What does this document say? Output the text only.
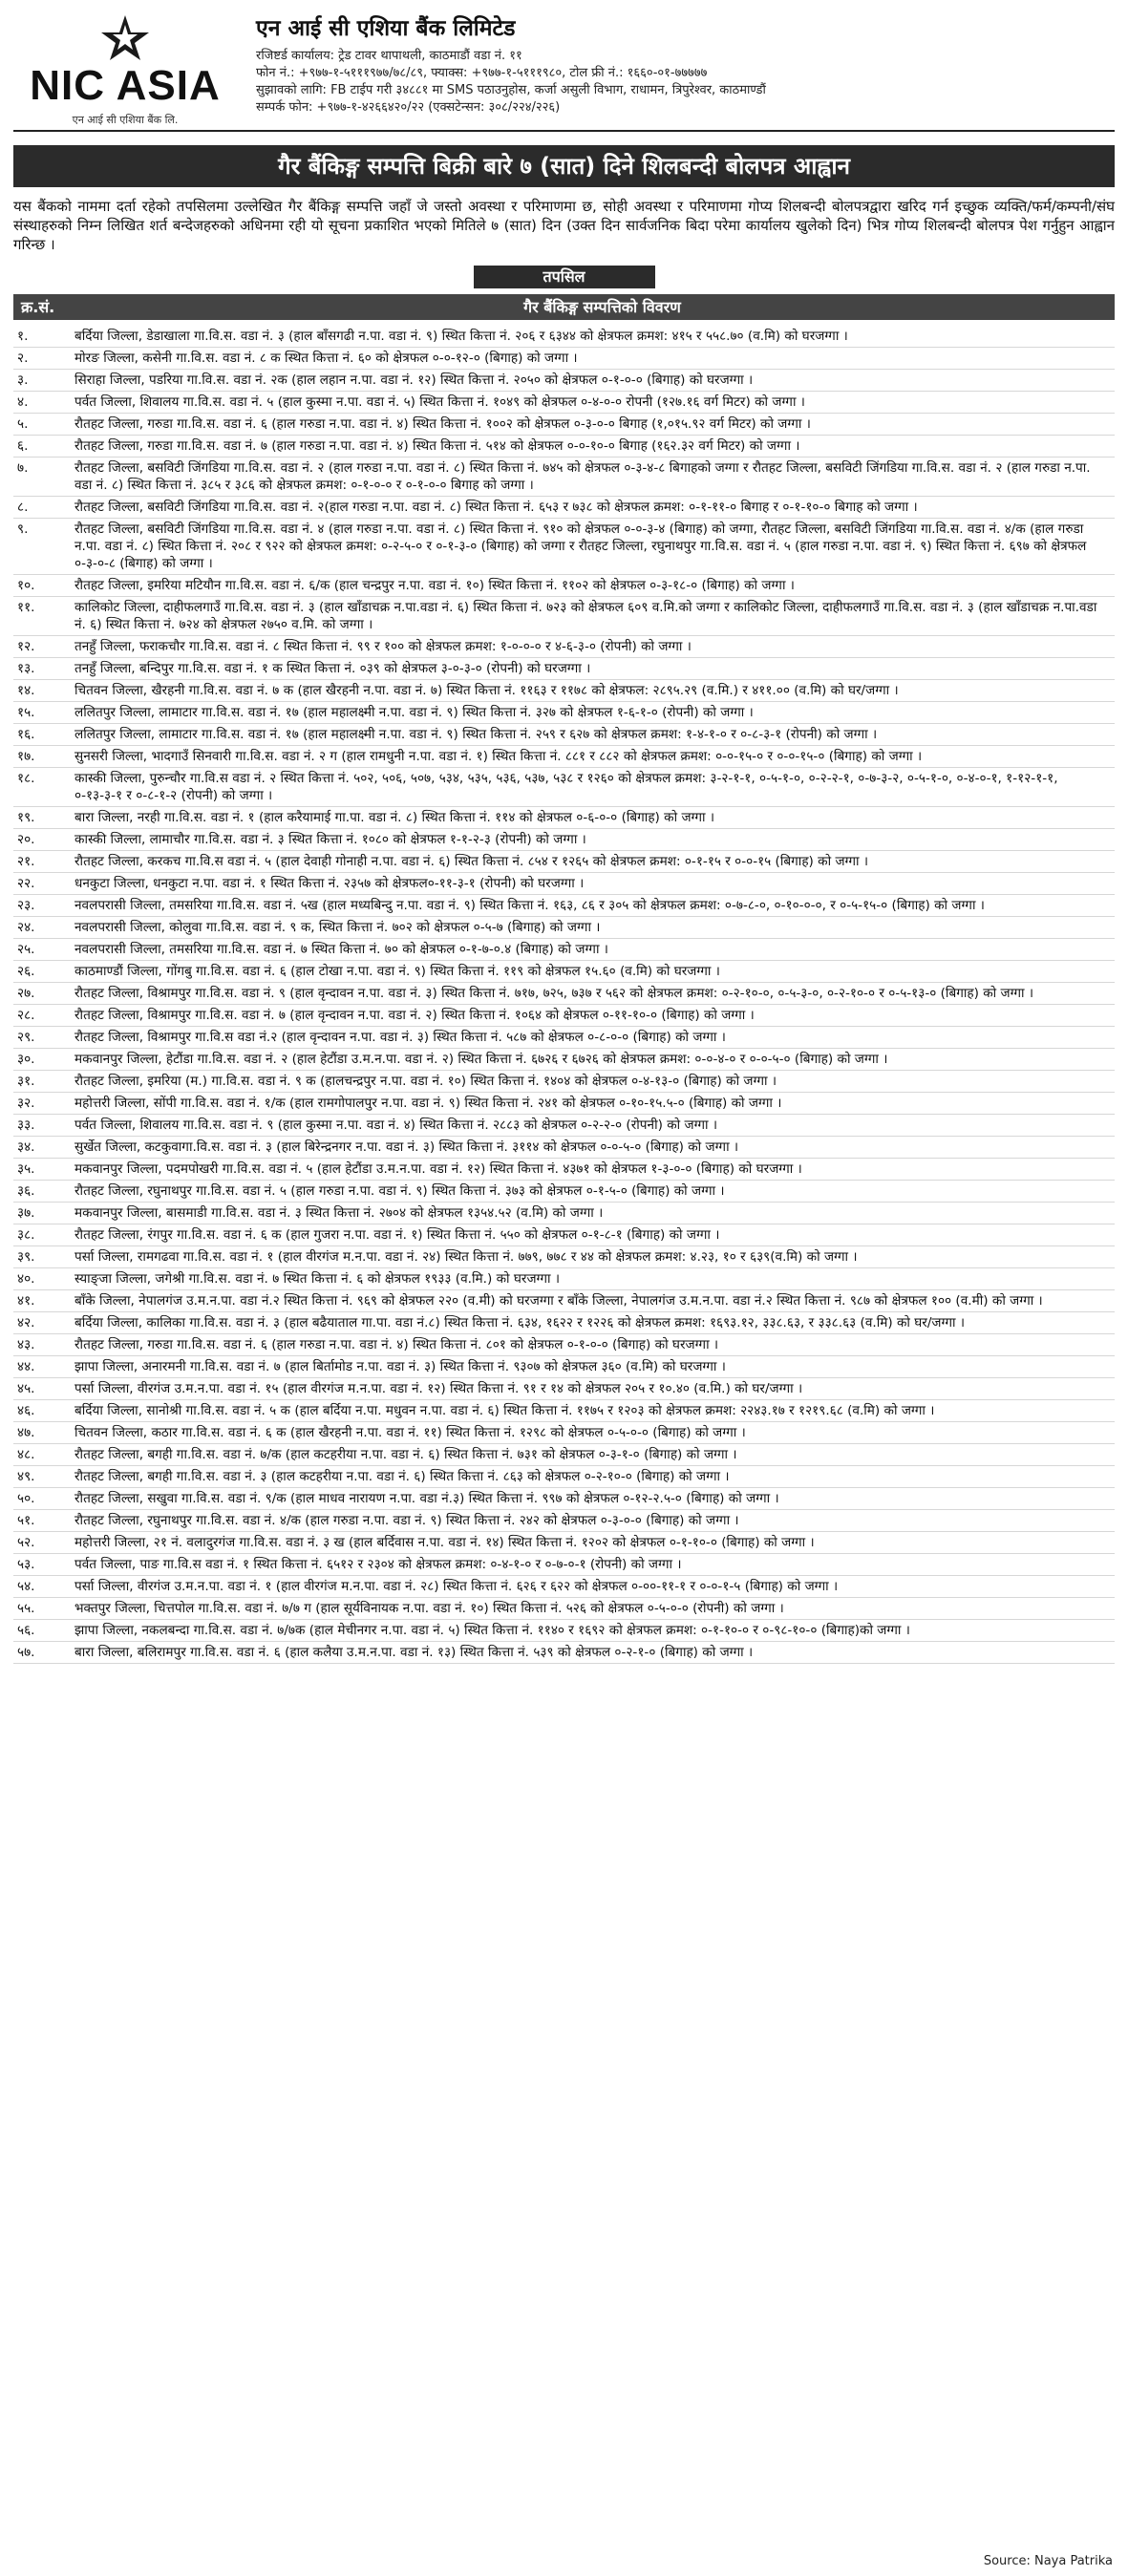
NIC ASIA
एन आई सी एशिया बैंक लि.
एन आई सी एशिया बैंक लिमिटेड
रजिष्टर्ड कार्यालय: ट्रेड टावर थापाथली, काठमाडौं वडा नं. ११
फोन नं.: +९७७-१-५१११९७७/७८/८९, फ्याक्स: +९७७-१-५१११९८०, टोल फ्री नं.: १६६०-०१-७७७७७
सुझावको लागि: FB टाईप गरी ३४८८१ मा SMS पठाउनुहोस, कर्जा असुली विभाग, राधामन, त्रिपुरेश्वर, काठमाण्डौं
सम्पर्क फोन: +९७७-१-४२६६४२०/२२ (एक्सटेन्सन: ३०८/२२४/२२६)
गैर बैंकिङ्ग सम्पत्ति बिक्री बारे ७ (सात) दिने शिलबन्दी बोलपत्र आह्वान
यस बैंकको नाममा दर्ता रहेको तपसिलमा उल्लेखित गैर बैंकिङ्ग सम्पत्ति जहाँ जे जस्तो अवस्था र परिमाणमा छ, सोही अवस्था र परिमाणमा गोप्य शिलबन्दी बोलपत्रद्वारा खरिद गर्न इच्छुक व्यक्ति/फर्म/कम्पनी/संघ संस्थाहरुको निम्न लिखित शर्त बन्देजहरुको अधिनमा रही यो सूचना प्रकाशित भएको मितिले ७ (सात) दिन (उक्त दिन सार्वजनिक बिदा परेमा कार्यालय खुलेको दिन) भित्र गोप्य शिलबन्दी बोलपत्र पेश गर्नुहुन आह्वान गरिन्छ ।
तपसिल
क्र.सं.	गैर बैंकिङ्ग सम्पत्तिको विवरण
१.	बर्दिया जिल्ला, डेडाखाला गा.वि.स. वडा नं. ३ (हाल बाँसगढी न.पा. वडा नं. ९) स्थित कित्ता नं. २०६ र ६३४४ को क्षेत्रफल क्रमश: ४१५ र ५५८.७० (व.मि) को घरजग्गा ।
२.	मोरङ जिल्ला, कसेनी गा.वि.स. वडा नं. ८ क स्थित कित्ता नं. ६० को क्षेत्रफल ०-०-१२-० (बिगाह) को जग्गा ।
३.	सिराहा जिल्ला, पडरिया गा.वि.स. वडा नं. २क (हाल लहान न.पा. वडा नं. १२) स्थित कित्ता नं. २०५० को क्षेत्रफल ०-१-०-० (बिगाह) को घरजग्गा ।
४.	पर्वत जिल्ला, शिवालय गा.वि.स. वडा नं. ५ (हाल कुस्मा न.पा. वडा नं. ५) स्थित कित्ता नं. १०४९ को क्षेत्रफल ०-४-०-० रोपनी (१२७.१६ वर्ग मिटर) को जग्गा ।
५.	रौतहट जिल्ला, गरुडा गा.वि.स. वडा नं. ६ (हाल गरुडा न.पा. वडा नं. ४) स्थित कित्ता नं. १००२ को क्षेत्रफल ०-३-०-० बिगाह (१,०१५.९२ वर्ग मिटर) को जग्गा ।
६.	रौतहट जिल्ला, गरुडा गा.वि.स. वडा नं. ७ (हाल गरुडा न.पा. वडा नं. ४) स्थित कित्ता नं. ५१४ को क्षेत्रफल ०-०-१०-० बिगाह (१६२.३२ वर्ग मिटर) को जग्गा ।
७.	रौतहट जिल्ला, बसविटी जिंगडिया गा.वि.स. वडा नं. २ (हाल गरुडा न.पा. वडा नं. ८) स्थित कित्ता नं. ७४५ को क्षेत्रफल ०-३-४-८ बिगाहको जग्गा र रौतहट जिल्ला, बसविटी जिंगडिया गा.वि.स. वडा नं. २ (हाल गरुडा न.पा. वडा नं. ८) स्थित कित्ता नं. ३८५ र ३८६ को क्षेत्रफल क्रमश: ०-१-०-० र ०-१-०-० बिगाह को जग्गा ।
८.	रौतहट जिल्ला, बसविटी जिंगडिया गा.वि.स. वडा नं. २(हाल गरुडा न.पा. वडा नं. ८) स्थित कित्ता नं. ६५३ र ७३८ को क्षेत्रफल क्रमश: ०-१-११-० बिगाह र ०-१-१०-० बिगाह को जग्गा ।
९.	रौतहट जिल्ला, बसविटी जिंगडिया गा.वि.स. वडा नं. ४ (हाल गरुडा न.पा. वडा नं. ८) स्थित कित्ता नं. ९१० को क्षेत्रफल ०-०-३-४ (बिगाह) को जग्गा, रौतहट जिल्ला, बसविटी जिंगडिया गा.वि.स. वडा नं. ४/क (हाल गरुडा न.पा. वडा नं. ८) स्थित कित्ता नं. २०८ र ९२२ को क्षेत्रफल क्रमश: ०-२-५-० र ०-१-३-० (बिगाह) को जग्गा र रौतहट जिल्ला, रघुनाथपुर गा.वि.स. वडा नं. ५ (हाल गरुडा न.पा. वडा नं. ९) स्थित कित्ता नं. ६९७ को क्षेत्रफल ०-३-०-८ (बिगाह) को जग्गा ।
१०.	रौतहट जिल्ला, इमरिया मटियौन गा.वि.स. वडा नं. ६/क (हाल चन्द्रपुर न.पा. वडा नं. १०) स्थित कित्ता नं. ११०२ को क्षेत्रफल ०-३-१८-० (बिगाह) को जग्गा ।
११.	कालिकोट जिल्ला, दाहीफलगाउँ गा.वि.स. वडा नं. ३ (हाल खाँडाचक्र न.पा.वडा नं. ६) स्थित कित्ता नं. ७२३ को क्षेत्रफल ६०९ व.मि.को जग्गा र कालिकोट जिल्ला, दाहीफलगाउँ गा.वि.स. वडा नं. ३ (हाल खाँडाचक्र न.पा.वडा नं. ६) स्थित कित्ता नं. ७२४ को क्षेत्रफल २७५० व.मि. को जग्गा ।
१२.	तनहुँ जिल्ला, फराकचौर गा.वि.स. वडा नं. ८ स्थित कित्ता नं. ९९ र १०० को क्षेत्रफल क्रमश: १-०-०-० र ४-६-३-० (रोपनी) को जग्गा ।
१३.	तनहुँ जिल्ला, बन्दिपुर गा.वि.स. वडा नं. १ क स्थित कित्ता नं. ०३९ को क्षेत्रफल ३-०-३-० (रोपनी) को घरजग्गा ।
१४.	चितवन जिल्ला, खैरहनी गा.वि.स. वडा नं. ७ क (हाल खैरहनी न.पा. वडा नं. ७) स्थित कित्ता नं. ११६३ र ११७८ को क्षेत्रफल: २८९५.२९ (व.मि.) र ४११.०० (व.मि) को घर/जग्गा ।
१५.	ललितपुर जिल्ला, लामाटार गा.वि.स. वडा नं. १७ (हाल महालक्ष्मी न.पा. वडा नं. ९) स्थित कित्ता नं. ३२७ को क्षेत्रफल १-६-१-० (रोपनी) को जग्गा ।
१६.	ललितपुर जिल्ला, लामाटार गा.वि.स. वडा नं. १७ (हाल महालक्ष्मी न.पा. वडा नं. ९) स्थित कित्ता नं. २५९ र ६२७ को क्षेत्रफल क्रमश: १-४-१-० र ०-८-३-१ (रोपनी) को जग्गा ।
१७.	सुनसरी जिल्ला, भादगाउँ सिनवारी गा.वि.स. वडा नं. २ ग (हाल रामधुनी न.पा. वडा नं. १) स्थित कित्ता नं. ८८१ र ८८२ को क्षेत्रफल क्रमश: ०-०-१५-० र ०-०-१५-० (बिगाह) को जग्गा ।
१८.	कास्की जिल्ला, पुरुन्चौर गा.वि.स वडा नं. २ स्थित कित्ता नं. ५०२, ५०६, ५०७, ५३४, ५३५, ५३६, ५३७, ५३८ र १२६० को क्षेत्रफल क्रमश: ३-२-१-१, ०-५-१-०, ०-२-२-१, ०-७-३-२, ०-५-१-०, ०-४-०-१, १-१२-१-१, ०-१३-३-१ र ०-८-१-२ (रोपनी) को जग्गा ।
१९.	बारा जिल्ला, नरही गा.वि.स. वडा नं. १ (हाल करैयामाई गा.पा. वडा नं. ८) स्थित कित्ता नं. ११४ को क्षेत्रफल ०-६-०-० (बिगाह) को जग्गा ।
२०.	कास्की जिल्ला, लामाचौर गा.वि.स. वडा नं. ३ स्थित कित्ता नं. १०८० को क्षेत्रफल १-१-२-३ (रोपनी) को जग्गा ।
२१.	रौतहट जिल्ला, करकच गा.वि.स वडा नं. ५ (हाल देवाही गोनाही न.पा. वडा नं. ६) स्थित कित्ता नं. ८५४ र १२६५ को क्षेत्रफल क्रमश: ०-१-१५ र ०-०-१५ (बिगाह) को जग्गा ।
२२.	धनकुटा जिल्ला, धनकुटा न.पा. वडा नं. १ स्थित कित्ता नं. २३५७ को क्षेत्रफल०-११-३-१ (रोपनी) को घरजग्गा ।
२३.	नवलपरासी जिल्ला, तमसरिया गा.वि.स. वडा नं. ५ख (हाल मध्यबिन्दु न.पा. वडा नं. ९) स्थित कित्ता नं. १६३, ८६ र ३०५ को क्षेत्रफल क्रमश: ०-७-८-०, ०-१०-०-०, र ०-५-१५-० (बिगाह) को जग्गा ।
२४.	नवलपरासी जिल्ला, कोलुवा गा.वि.स. वडा नं. ९ क, स्थित कित्ता नं. ७०२ को क्षेत्रफल ०-५-७ (बिगाह) को जग्गा ।
२५.	नवलपरासी जिल्ला, तमसरिया गा.वि.स. वडा नं. ७ स्थित कित्ता नं. ७० को क्षेत्रफल ०-१-७-०.४ (बिगाह) को जग्गा ।
२६.	काठमाण्डौं जिल्ला, गोंगबु गा.वि.स. वडा नं. ६ (हाल टोखा न.पा. वडा नं. ९) स्थित कित्ता नं. ११९ को क्षेत्रफल १५.६० (व.मि) को घरजग्गा ।
२७.	रौतहट जिल्ला, विश्रामपुर गा.वि.स. वडा नं. ९ (हाल वृन्दावन न.पा. वडा नं. ३) स्थित कित्ता नं. ७१७, ७२५, ७३७ र ५६२ को क्षेत्रफल क्रमश: ०-२-१०-०, ०-५-३-०, ०-२-१०-० र ०-५-१३-० (बिगाह) को जग्गा ।
२८.	रौतहट जिल्ला, विश्रामपुर गा.वि.स. वडा नं. ७ (हाल वृन्दावन न.पा. वडा नं. २) स्थित कित्ता नं. १०६४ को क्षेत्रफल ०-११-१०-० (बिगाह) को जग्गा ।
२९.	रौतहट जिल्ला, विश्रामपुर गा.वि.स वडा नं.२ (हाल वृन्दावन न.पा. वडा नं. ३) स्थित कित्ता नं. ५८७ को क्षेत्रफल ०-८-०-० (बिगाह) को जग्गा ।
३०.	मकवानपुर जिल्ला, हेटौंडा गा.वि.स. वडा नं. २ (हाल हेटौंडा उ.म.न.पा. वडा नं. २) स्थित कित्ता नं. ६७२६ र ६७२६ को क्षेत्रफल क्रमश: ०-०-४-० र ०-०-५-० (बिगाह) को जग्गा ।
३१.	रौतहट जिल्ला, इमरिया (म.) गा.वि.स. वडा नं. ९ क (हालचन्द्रपुर न.पा. वडा नं. १०) स्थित कित्ता नं. १४०४ को क्षेत्रफल ०-४-१३-० (बिगाह) को जग्गा ।
३२.	महोत्तरी जिल्ला, सोंपी गा.वि.स. वडा नं. १/क (हाल रामगोपालपुर न.पा. वडा नं. ९) स्थित कित्ता नं. २४१ को क्षेत्रफल ०-१०-१५.५-० (बिगाह) को जग्गा ।
३३.	पर्वत जिल्ला, शिवालय गा.वि.स. वडा नं. ९ (हाल कुस्मा न.पा. वडा नं. ४) स्थित कित्ता नं. २८८३ को क्षेत्रफल ०-२-२-० (रोपनी) को जग्गा ।
३४.	सुर्खेत जिल्ला, कटकुवागा.वि.स. वडा नं. ३ (हाल बिरेन्द्रनगर न.पा. वडा नं. ३) स्थित कित्ता नं. ३११४ को क्षेत्रफल ०-०-५-० (बिगाह) को जग्गा ।
३५.	मकवानपुर जिल्ला, पदमपोखरी गा.वि.स. वडा नं. ५ (हाल हेटौंडा उ.म.न.पा. वडा नं. १२) स्थित कित्ता नं. ४३७१ को क्षेत्रफल १-३-०-० (बिगाह) को घरजग्गा ।
३६.	रौतहट जिल्ला, रघुनाथपुर गा.वि.स. वडा नं. ५ (हाल गरुडा न.पा. वडा नं. ९) स्थित कित्ता नं. ३७३ को क्षेत्रफल ०-१-५-० (बिगाह) को जग्गा ।
३७.	मकवानपुर जिल्ला, बासमाडी गा.वि.स. वडा नं. ३ स्थित कित्ता नं. २७०४ को क्षेत्रफल १३५४.५२ (व.मि) को जग्गा ।
३८.	रौतहट जिल्ला, रंगपुर गा.वि.स. वडा नं. ६ क (हाल गुजरा न.पा. वडा नं. १) स्थित कित्ता नं. ५५० को क्षेत्रफल ०-१-८-१ (बिगाह) को जग्गा ।
३९.	पर्सा जिल्ला, रामगढवा गा.वि.स. वडा नं. १ (हाल वीरगंज म.न.पा. वडा नं. २४) स्थित कित्ता नं. ७७९, ७७८ र ४४ को क्षेत्रफल क्रमश: ४.२३, १० र ६३९(व.मि) को जग्गा ।
४०.	स्याङ्जा जिल्ला, जगेश्री गा.वि.स. वडा नं. ७ स्थित कित्ता नं. ६ को क्षेत्रफल १९३३ (व.मि.) को घरजग्गा ।
४१.	बाँके जिल्ला, नेपालगंज उ.म.न.पा. वडा नं.२ स्थित कित्ता नं. ९६९ को क्षेत्रफल २२० (व.मी) को घरजग्गा र बाँके जिल्ला, नेपालगंज उ.म.न.पा. वडा नं.२ स्थित कित्ता नं. ९८७ को क्षेत्रफल १०० (व.मी) को जग्गा ।
४२.	बर्दिया जिल्ला, कालिका गा.वि.स. वडा नं. ३ (हाल बढैयाताल गा.पा. वडा नं.८) स्थित कित्ता नं. ६३४, १६२२ र १२२६ को क्षेत्रफल क्रमश: १६९३.१२, ३३८.६३, र ३३८.६३ (व.मि) को घर/जग्गा ।
४३.	रौतहट जिल्ला, गरुडा गा.वि.स. वडा नं. ६ (हाल गरुडा न.पा. वडा नं. ४) स्थित कित्ता नं. ८०१ को क्षेत्रफल ०-१-०-० (बिगाह) को घरजग्गा ।
४४.	झापा जिल्ला, अनारमनी गा.वि.स. वडा नं. ७ (हाल बिर्तामोड न.पा. वडा नं. ३) स्थित कित्ता नं. ९३०७ को क्षेत्रफल ३६० (व.मि) को घरजग्गा ।
४५.	पर्सा जिल्ला, वीरगंज उ.म.न.पा. वडा नं. १५ (हाल वीरगंज म.न.पा. वडा नं. १२) स्थित कित्ता नं. ९१ र १४ को क्षेत्रफल २०५ र १०.४० (व.मि.) को घर/जग्गा ।
४६.	बर्दिया जिल्ला, सानोश्री गा.वि.स. वडा नं. ५ क (हाल बर्दिया न.पा. मधुवन न.पा. वडा नं. ६) स्थित कित्ता नं. ११७५ र १२०३ को क्षेत्रफल क्रमश: २२४३.१७ र १२१९.६८ (व.मि) को जग्गा ।
४७.	चितवन जिल्ला, कठार गा.वि.स. वडा नं. ६ क (हाल खैरहनी न.पा. वडा नं. ११) स्थित कित्ता नं. १२९८ को क्षेत्रफल ०-५-०-० (बिगाह) को जग्गा ।
४८.	रौतहट जिल्ला, बगही गा.वि.स. वडा नं. ७/क (हाल कटहरीया न.पा. वडा नं. ६) स्थित कित्ता नं. ७३१ को क्षेत्रफल ०-३-१-० (बिगाह) को जग्गा ।
४९.	रौतहट जिल्ला, बगही गा.वि.स. वडा नं. ३ (हाल कटहरीया न.पा. वडा नं. ६) स्थित कित्ता नं. ८६३ को क्षेत्रफल ०-२-१०-० (बिगाह) को जग्गा ।
५०.	रौतहट जिल्ला, सखुवा गा.वि.स. वडा नं. ९/क (हाल माधव नारायण न.पा. वडा नं.३) स्थित कित्ता नं. ९९७ को क्षेत्रफल ०-१२-२.५-० (बिगाह) को जग्गा ।
५१.	रौतहट जिल्ला, रघुनाथपुर गा.वि.स. वडा नं. ४/क (हाल गरुडा न.पा. वडा नं. ९) स्थित कित्ता नं. २४२ को क्षेत्रफल ०-३-०-० (बिगाह) को जग्गा ।
५२.	महोत्तरी जिल्ला, २१ नं. वलादुरगंज गा.वि.स. वडा नं. ३ ख (हाल बर्दिवास न.पा. वडा नं. १४) स्थित कित्ता नं. १२०२ को क्षेत्रफल ०-१-१०-० (बिगाह) को जग्गा ।
५३.	पर्वत जिल्ला, पाङ गा.वि.स वडा नं. १ स्थित कित्ता नं. ६५१२ र २३०४ को क्षेत्रफल क्रमश: ०-४-१-० र ०-७-०-१ (रोपनी) को जग्गा ।
५४.	पर्सा जिल्ला, वीरगंज उ.म.न.पा. वडा नं. १ (हाल वीरगंज म.न.पा. वडा नं. २८) स्थित कित्ता नं. ६२६ र ६२२ को क्षेत्रफल ०-००-११-१ र ०-०-१-५ (बिगाह) को जग्गा ।
५५.	भक्तपुर जिल्ला, चित्तपोल गा.वि.स. वडा नं. ७/७ ग (हाल सूर्यविनायक न.पा. वडा नं. १०) स्थित कित्ता नं. ५२६ को क्षेत्रफल ०-५-०-० (रोपनी) को जग्गा ।
५६.	झापा जिल्ला, नकलबन्दा गा.वि.स. वडा नं. ७/७क (हाल मेचीनगर न.पा. वडा नं. ५) स्थित कित्ता नं. ११४० र १६९२ को क्षेत्रफल क्रमश: ०-१-१०-० र ०-९८-१०-० (बिगाह)को जग्गा ।
५७.	बारा जिल्ला, बलिरामपुर गा.वि.स. वडा नं. ६ (हाल कलैया उ.म.न.पा. वडा नं. १३) स्थित कित्ता नं. ५३९ को क्षेत्रफल ०-२-१-० (बिगाह) को जग्गा ।
Source: Naya Patrika
